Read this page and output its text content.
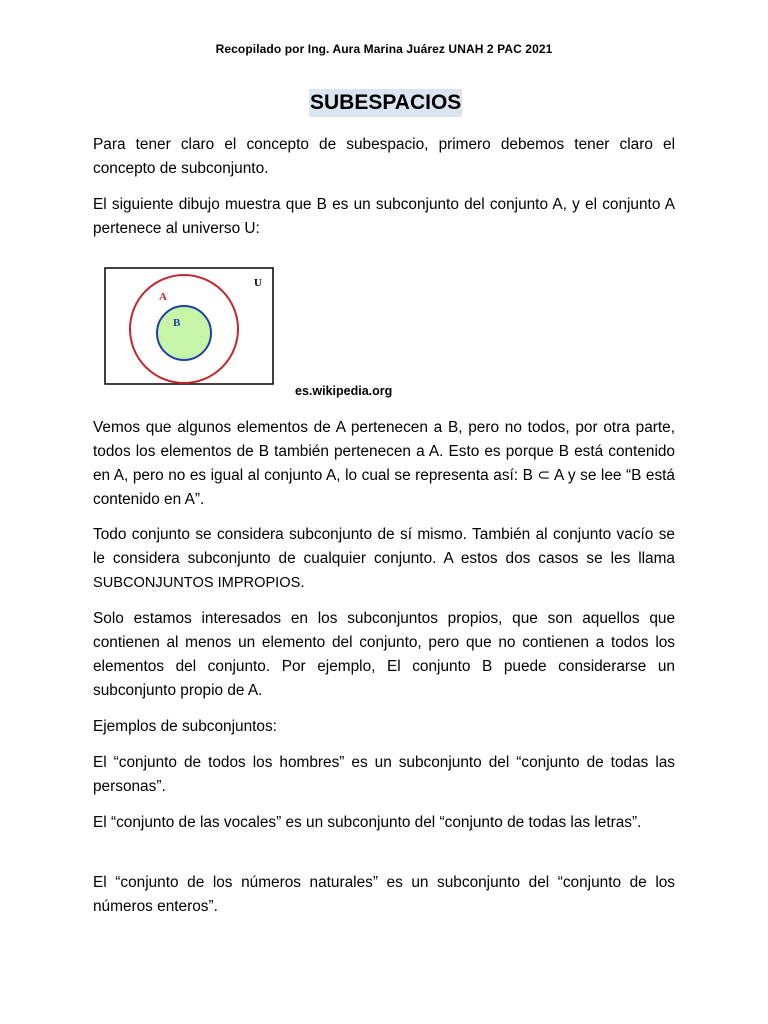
Recopilado por Ing. Aura Marina Juárez UNAH 2 PAC 2021
SUBESPACIOS

Para tener claro el concepto de subespacio, primero debemos tener claro el concepto de subconjunto.

El siguiente dibujo muestra que B es un subconjunto del conjunto A, y el conjunto A pertenece al universo U:

U
A
B
es.wikipedia.org

Vemos que algunos elementos de A pertenecen a B, pero no todos, por otra parte, todos los elementos de B también pertenecen a A. Esto es porque B está contenido en A, pero no es igual al conjunto A, lo cual se representa así: B ⊂ A y se lee “B está contenido en A”.

Todo conjunto se considera subconjunto de sí mismo. También al conjunto vacío se le considera subconjunto de cualquier conjunto. A estos dos casos se les llama SUBCONJUNTOS IMPROPIOS.

Solo estamos interesados en los subconjuntos propios, que son aquellos que contienen al menos un elemento del conjunto, pero que no contienen a todos los elementos del conjunto. Por ejemplo, El conjunto B puede considerarse un subconjunto propio de A.

Ejemplos de subconjuntos:

El “conjunto de todos los hombres” es un subconjunto del “conjunto de todas las personas”.

El “conjunto de las vocales” es un subconjunto del “conjunto de todas las letras”.

El “conjunto de los números naturales” es un subconjunto del “conjunto de los números enteros”.
